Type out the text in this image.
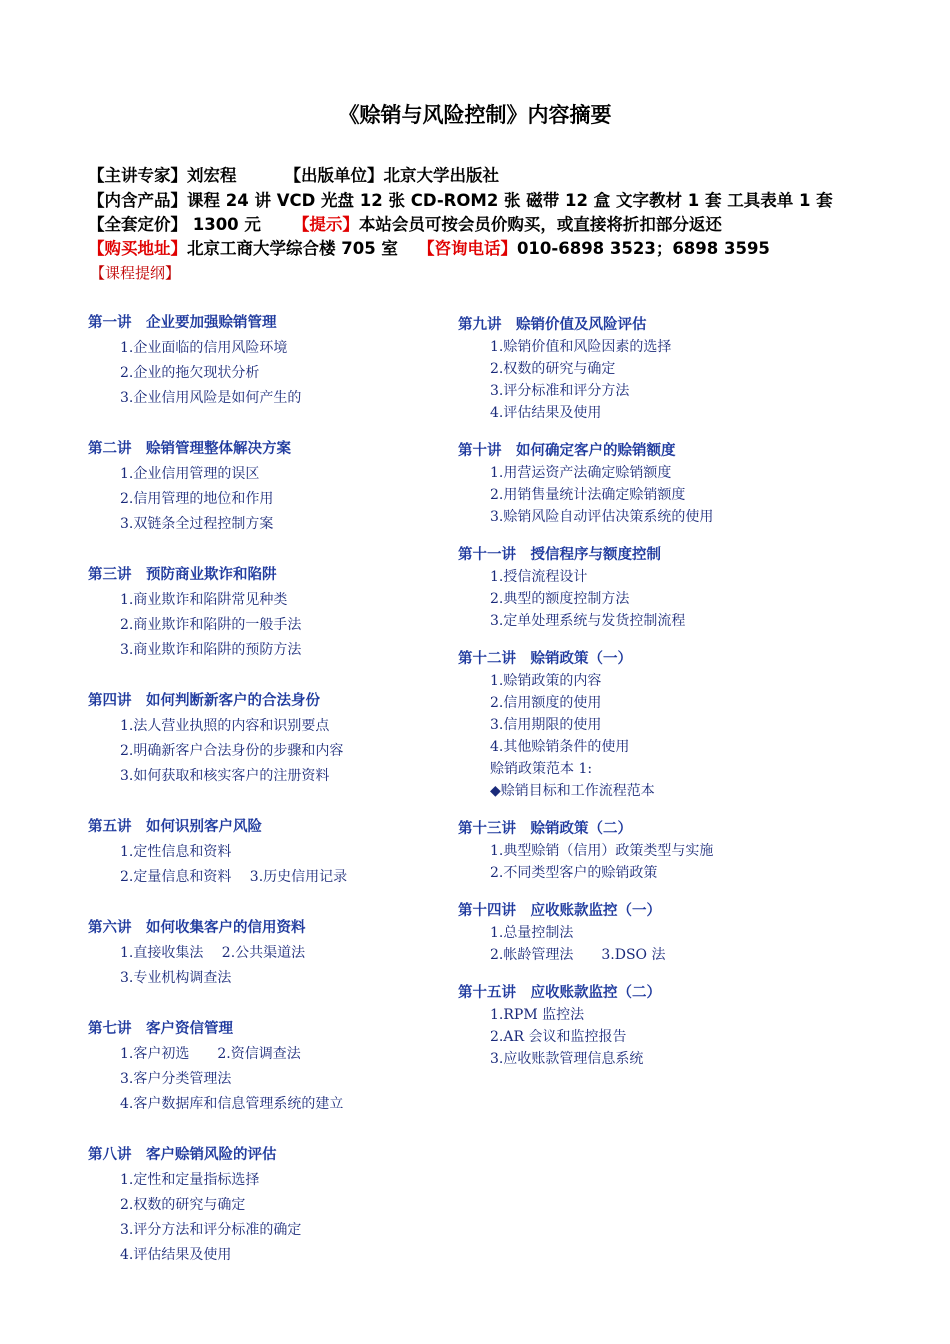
《赊销与风险控制》内容摘要
【主讲专家】刘宏程	【出版单位】北京大学出版社
【内含产品】课程 24 讲 VCD 光盘 12 张 CD-ROM2 张 磁带 12 盒 文字教材 1 套 工具表单 1 套
【全套定价】 1300 元 【提示】本站会员可按会员价购买，或直接将折扣部分返还
【购买地址】北京工商大学综合楼 705 室 【咨询电话】010-6898 3523；6898 3595
【课程提纲】
第一讲　企业要加强赊销管理
1.企业面临的信用风险环境
2.企业的拖欠现状分析
3.企业信用风险是如何产生的
第二讲　赊销管理整体解决方案
1.企业信用管理的误区
2.信用管理的地位和作用
3.双链条全过程控制方案
第三讲　预防商业欺诈和陷阱
1.商业欺诈和陷阱常见种类
2.商业欺诈和陷阱的一般手法
3.商业欺诈和陷阱的预防方法
第四讲　如何判断新客户的合法身份
1.法人营业执照的内容和识别要点
2.明确新客户合法身份的步骤和内容
3.如何获取和核实客户的注册资料
第五讲　如何识别客户风险
1.定性信息和资料
2.定量信息和资料　 3.历史信用记录
第六讲　如何收集客户的信用资料
1.直接收集法　 2.公共渠道法
3.专业机构调查法
第七讲　客户资信管理
1.客户初选　　2.资信调查法
3.客户分类管理法
4.客户数据库和信息管理系统的建立
第八讲　客户赊销风险的评估
1.定性和定量指标选择
2.权数的研究与确定
3.评分方法和评分标准的确定
4.评估结果及使用
第九讲　赊销价值及风险评估
1.赊销价值和风险因素的选择
2.权数的研究与确定
3.评分标准和评分方法
4.评估结果及使用
第十讲　如何确定客户的赊销额度
1.用营运资产法确定赊销额度
2.用销售量统计法确定赊销额度
3.赊销风险自动评估决策系统的使用
第十一讲　授信程序与额度控制
1.授信流程设计
2.典型的额度控制方法
3.定单处理系统与发货控制流程
第十二讲　赊销政策（一）
1.赊销政策的内容
2.信用额度的使用
3.信用期限的使用
4.其他赊销条件的使用
赊销政策范本 1:
◆赊销目标和工作流程范本
第十三讲　赊销政策（二）
1.典型赊销（信用）政策类型与实施
2.不同类型客户的赊销政策
第十四讲　应收账款监控（一）
1.总量控制法
2.帐龄管理法　　3.DSO 法
第十五讲　应收账款监控（二）
1.RPM 监控法
2.AR 会议和监控报告
3.应收账款管理信息系统
